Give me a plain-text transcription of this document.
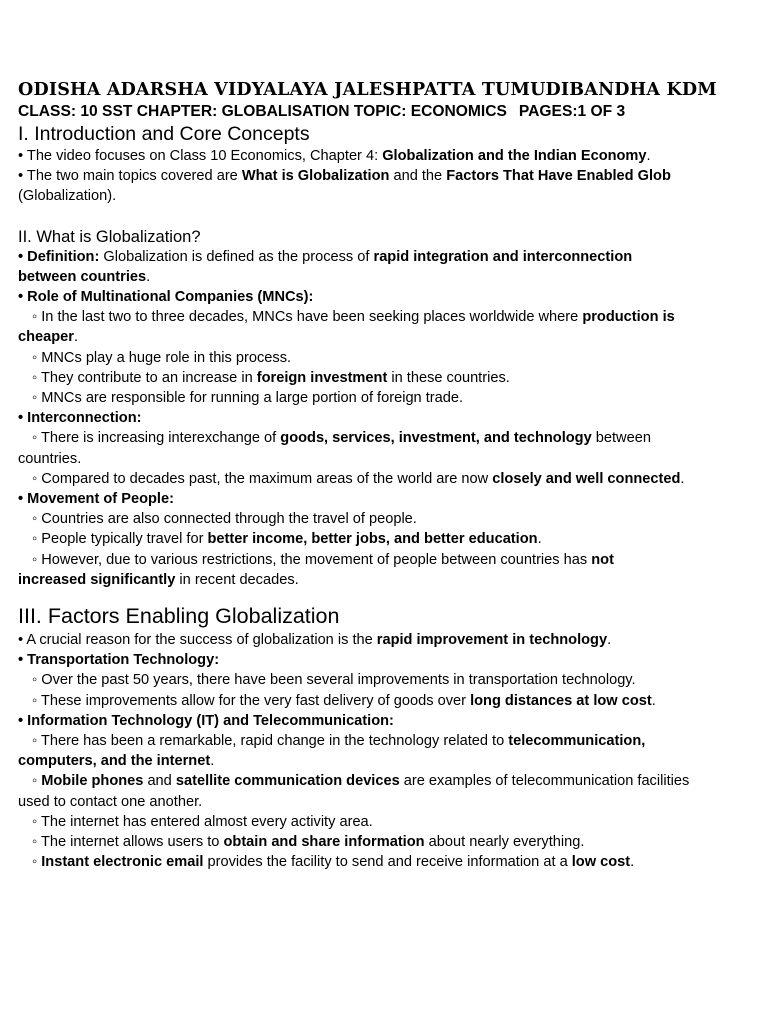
ODISHA ADARSHA VIDYALAYA JALESHPATTA TUMUDIBANDHA KDM
CLASS: 10 SST CHAPTER: GLOBALISATION TOPIC: ECONOMICS PAGES:1 OF 3
I. Introduction and Core Concepts
• The video focuses on Class 10 Economics, Chapter 4: Globalization and the Indian Economy.
• The two main topics covered are What is Globalization and the Factors That Have Enabled Glob
(Globalization).
II. What is Globalization?
• Definition: Globalization is defined as the process of rapid integration and interconnection
between countries.
• Role of Multinational Companies (MNCs):
◦ In the last two to three decades, MNCs have been seeking places worldwide where production is
cheaper.
◦ MNCs play a huge role in this process.
◦ They contribute to an increase in foreign investment in these countries.
◦ MNCs are responsible for running a large portion of foreign trade.
• Interconnection:
◦ There is increasing interexchange of goods, services, investment, and technology between
countries.
◦ Compared to decades past, the maximum areas of the world are now closely and well connected.
• Movement of People:
◦ Countries are also connected through the travel of people.
◦ People typically travel for better income, better jobs, and better education.
◦ However, due to various restrictions, the movement of people between countries has not
increased significantly in recent decades.
III. Factors Enabling Globalization
• A crucial reason for the success of globalization is the rapid improvement in technology.
• Transportation Technology:
◦ Over the past 50 years, there have been several improvements in transportation technology.
◦ These improvements allow for the very fast delivery of goods over long distances at low cost.
• Information Technology (IT) and Telecommunication:
◦ There has been a remarkable, rapid change in the technology related to telecommunication,
computers, and the internet.
◦ Mobile phones and satellite communication devices are examples of telecommunication facilities
used to contact one another.
◦ The internet has entered almost every activity area.
◦ The internet allows users to obtain and share information about nearly everything.
◦ Instant electronic email provides the facility to send and receive information at a low cost.
